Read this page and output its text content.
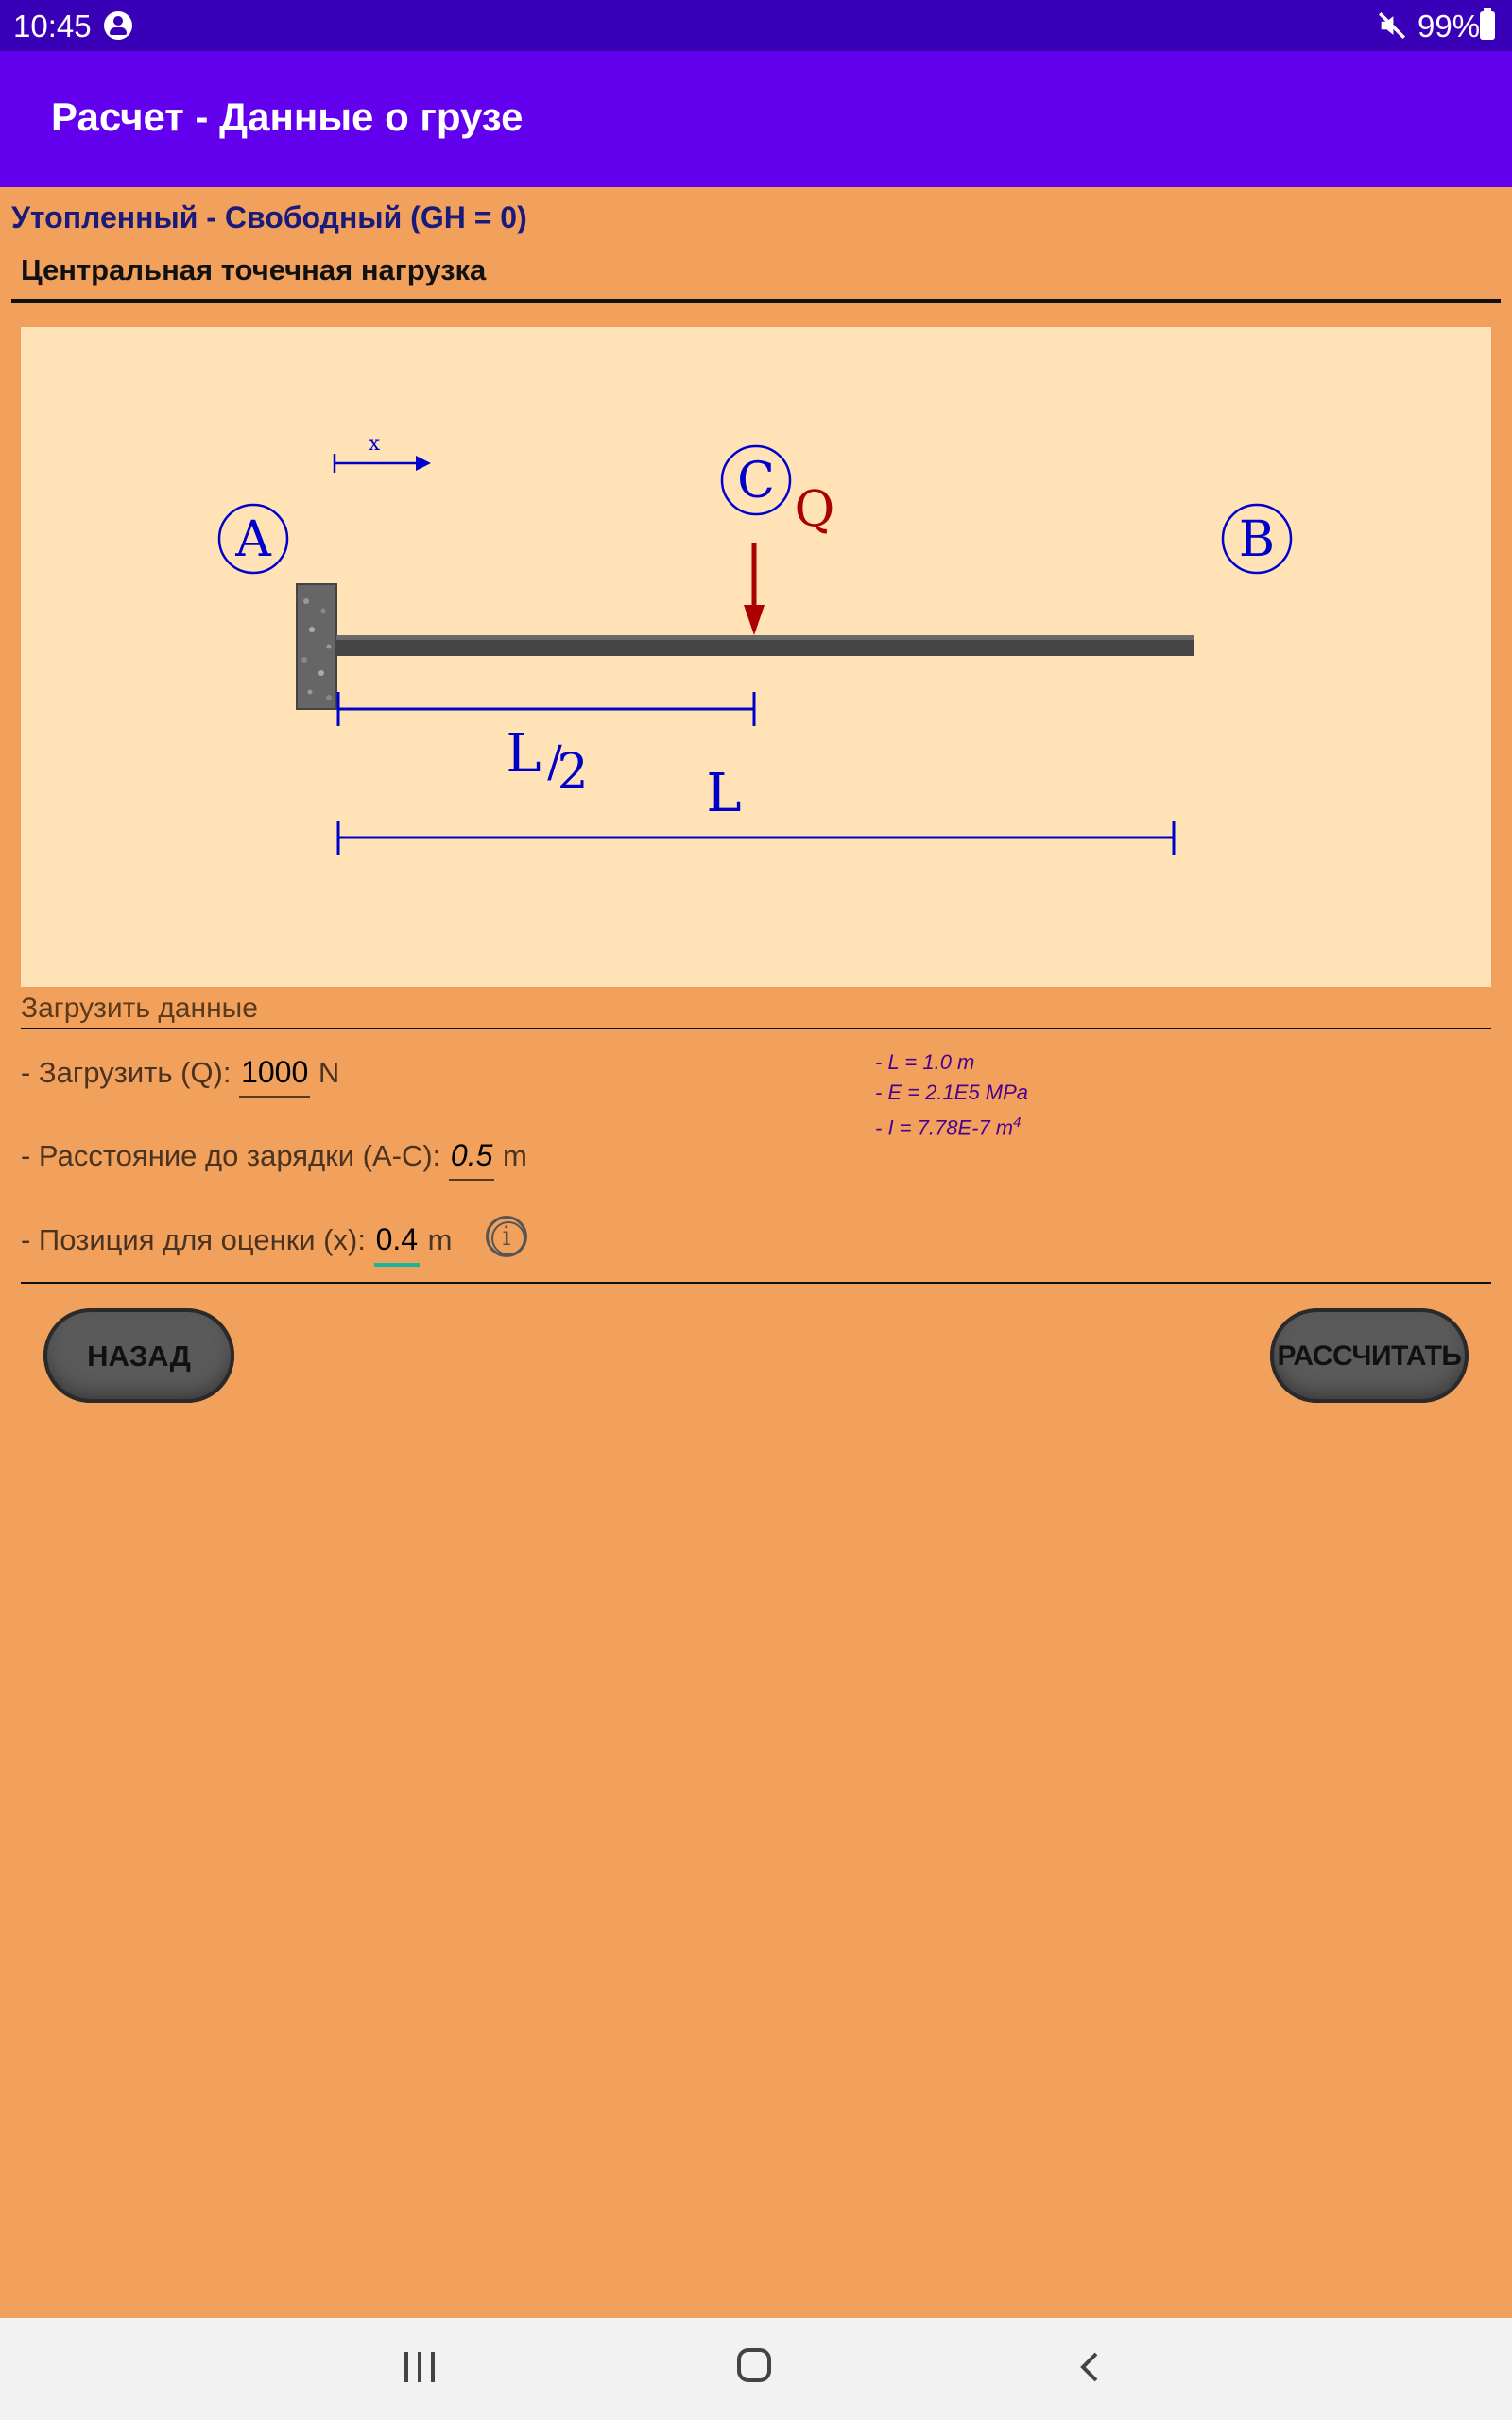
10:45	99%
Расчет - Данные о грузе
Утопленный - Свободный (GH = 0)
Центральная точечная нагрузка
x
A	B
C Q
L /
2 L
Загрузить данные
- Загрузить (Q): 1000 N
- Расстояние до зарядки (A-C): 0.5 m
- Позиция для оценки (x): 0.4 m	i
- L = 1.0 m
- E = 2.1E5 MPa
- I = 7.78E-7 $m^4$
НАЗАД	РАССЧИТАТЬ
